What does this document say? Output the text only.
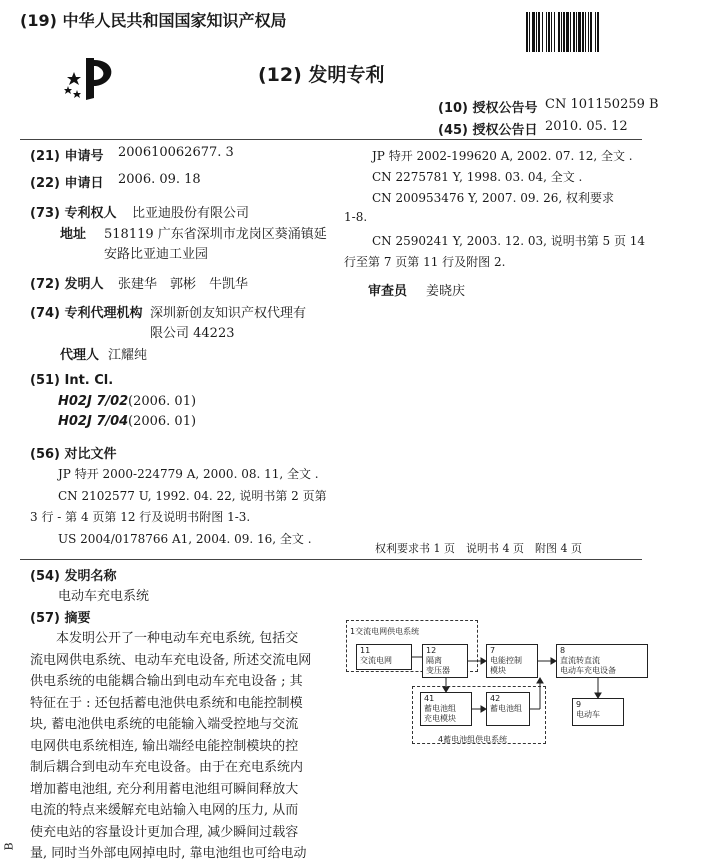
(19) 中华人民共和国国家知识产权局
(12) 发明专利
(10) 授权公告号 CN 101150259 B
(45) 授权公告日 2010. 05. 12
(21) 申请号 200610062677. 3
(22) 申请日 2006. 09. 18
(73) 专利权人 比亚迪股份有限公司
地址 518119 广东省深圳市龙岗区葵涌镇延
安路比亚迪工业园
(72) 发明人 张建华　郭彬　牛凯华
(74) 专利代理机构 深圳新创友知识产权代理有
限公司 44223
代理人 江耀纯
(51) Int. Cl.
H02J 7/02 (2006. 01)
H02J 7/04 (2006. 01)
(56) 对比文件
JP 特开 2000-224779 A, 2000. 08. 11, 全文 .
CN 2102577 U, 1992. 04. 22, 说明书第 2 页第
3 行 - 第 4 页第 12 行及说明书附图 1-3.
US 2004/0178766 A1, 2004. 09. 16, 全文 .
JP 特开 2002-199620 A, 2002. 07. 12, 全文 .
CN 2275781 Y, 1998. 03. 04, 全文 .
CN 200953476 Y, 2007. 09. 26, 权利要求
1-8.
CN 2590241 Y, 2003. 12. 03, 说明书第 5 页 14
行至第 7 页第 11 行及附图 2.
审查员 姜晓庆
权利要求书 1 页　说明书 4 页　附图 4 页
(54) 发明名称
电动车充电系统
(57) 摘要
本发明公开了一种电动车充电系统, 包括交
流电网供电系统、电动车充电设备, 所述交流电网
供电系统的电能耦合输出到电动车充电设备 ; 其
特征在于 : 还包括蓄电池供电系统和电能控制模
块, 蓄电池供电系统的电能输入端受控地与交流
电网供电系统相连, 输出端经电能控制模块的控
制后耦合到电动车充电设备。由于在充电系统内
增加蓄电池组, 充分利用蓄电池组可瞬间释放大
电流的特点来缓解充电站输入电网的压力, 从而
使充电站的容量设计更加合理, 减少瞬间过载容
量, 同时当外部电网掉电时, 靠电池组也可给电动
B
1交流电网供电系统
11
交流电网
12
隔离
变压器
7
电能控制
模块
8
直流转直流
电动车充电设备
41
蓄电池组
充电模块
42
蓄电池组
4蓄电池组供电系统
9
电动车
